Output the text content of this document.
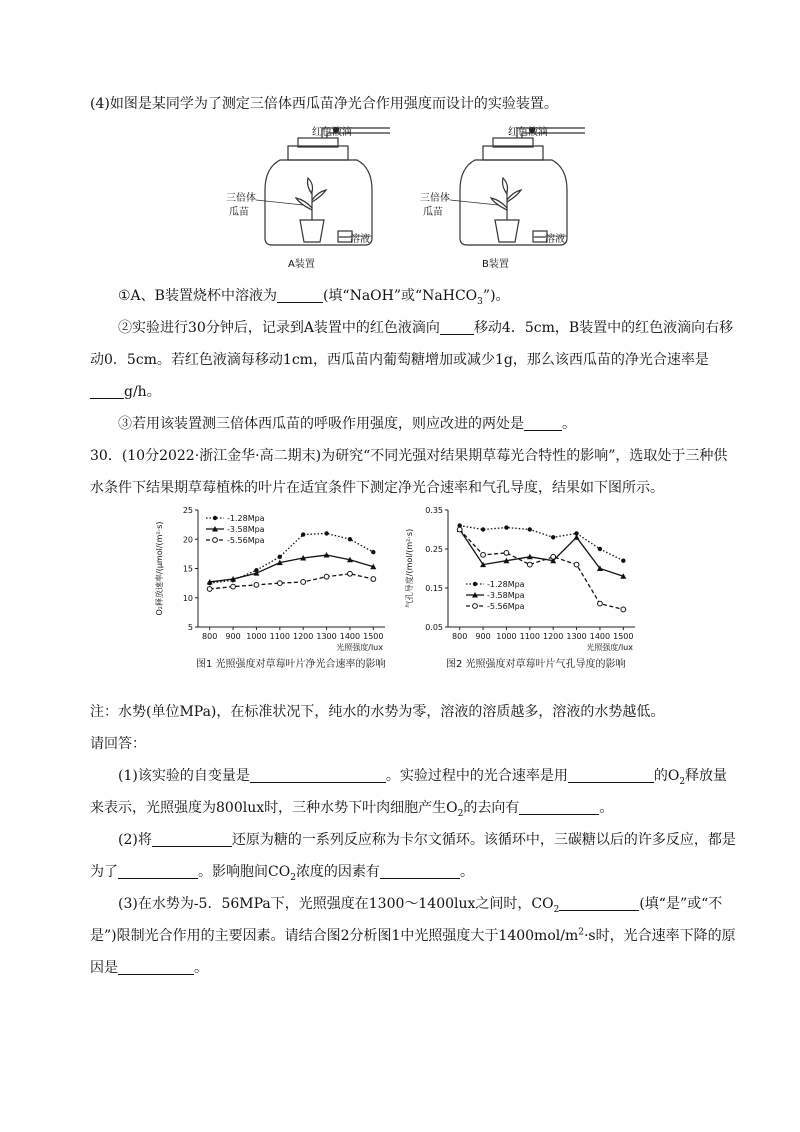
(4)如图是某同学为了测定三倍体西瓜苗净光合作用强度而设计的实验装置。
红色液滴	红色液滴
三倍体
瓜苗
三倍体
瓜苗
溶液	溶液
A装置	B装置
①A、B装置烧杯中溶液为	(填“NaOH”或“NaHCO$_3$”)。
②实验进行30分钟后，记录到A装置中的红色液滴向 移动4．5cm，B装置中的红色液滴向右移
动0．5cm。若红色液滴每移动1cm，西瓜苗内葡萄糖增加或减少1g，那么该西瓜苗的净光合速率是
g/h。
③若用该装置测三倍体西瓜苗的呼吸作用强度，则应改进的两处是	。
30．(10分2022·浙江金华·高二期末)为研究“不同光强对结果期草莓光合特性的影响”，选取处于三种供
水条件下结果期草莓植株的叶片在适宜条件下测定净光合速率和气孔导度，结果如下图所示。
5
10
15
20
25
800 900 1000 1100 1200 1300 1400 1500
光照强度/lux
O₂释放速率/(μmol/(m²·s)
-1.28Mpa
-3.58Mpa
-5.56Mpa
0.05
0.15
0.25
0.35
800 900 1000 1100 1200 1300 1400 1500
光照强度/lux
气孔导度/(mol/(m²·s)	-1.28Mpa
-3.58Mpa
-5.56Mpa
图1 光照强度对草莓叶片净光合速率的影响	图2 光照强度对草莓叶片气孔导度的影响
注：水势(单位MPa)，在标准状况下，纯水的水势为零，溶液的溶质越多，溶液的水势越低。
请回答：
(1)该实验的自变量是	。实验过程中的光合速率是用	的$O_2$释放量
来表示，光照强度为800lux时，三种水势下叶肉细胞产生$O_2$的去向有	。
(2)将	还原为糖的一系列反应称为卡尔文循环。该循环中，三碳糖以后的许多反应，都是
为了	。影响胞间$CO_2$浓度的因素有	。
(3)在水势为-5．56MPa下，光照强度在1300～1400lux之间时，$CO_2$	(填“是”或“不
是”)限制光合作用的主要因素。请结合图2分析图1中光照强度大于$1400mol/m^2\cdot s$时，光合速率下降的原
因是	。
